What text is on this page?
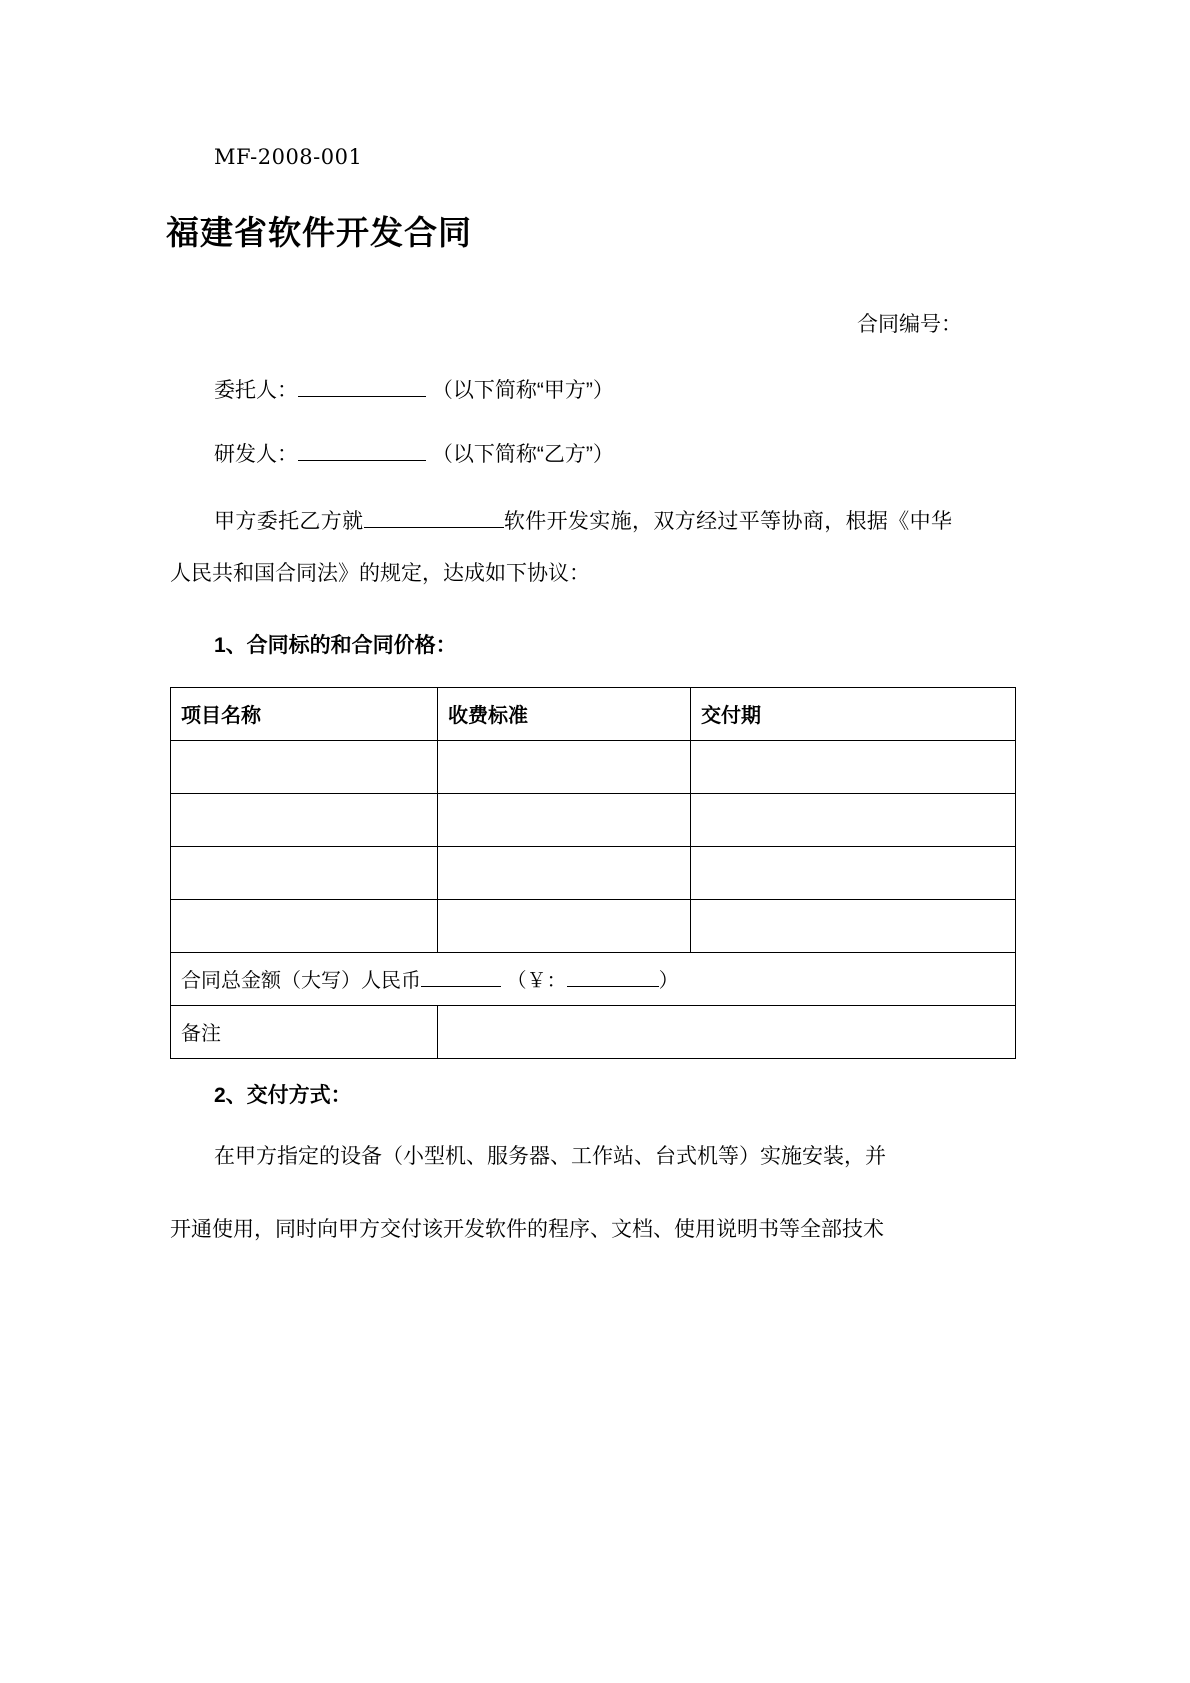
MF-2008-001
福建省软件开发合同
合同编号：
委托人：	（以下简称“甲方”）
研发人：	（以下简称“乙方”）

甲方委托乙方就	软件开发实施，双方经过平等协商，根据《中华人民共和国合同法》的规定，达成如下协议：

1、合同标的和合同价格：
项目名称	收费标准	交付期

合同总金额（大写）人民币 （￥： ）		
备注		
2、交付方式：

在甲方指定的设备（小型机、服务器、工作站、台式机等）实施安装，并

开通使用，同时向甲方交付该开发软件的程序、文档、使用说明书等全部技术
